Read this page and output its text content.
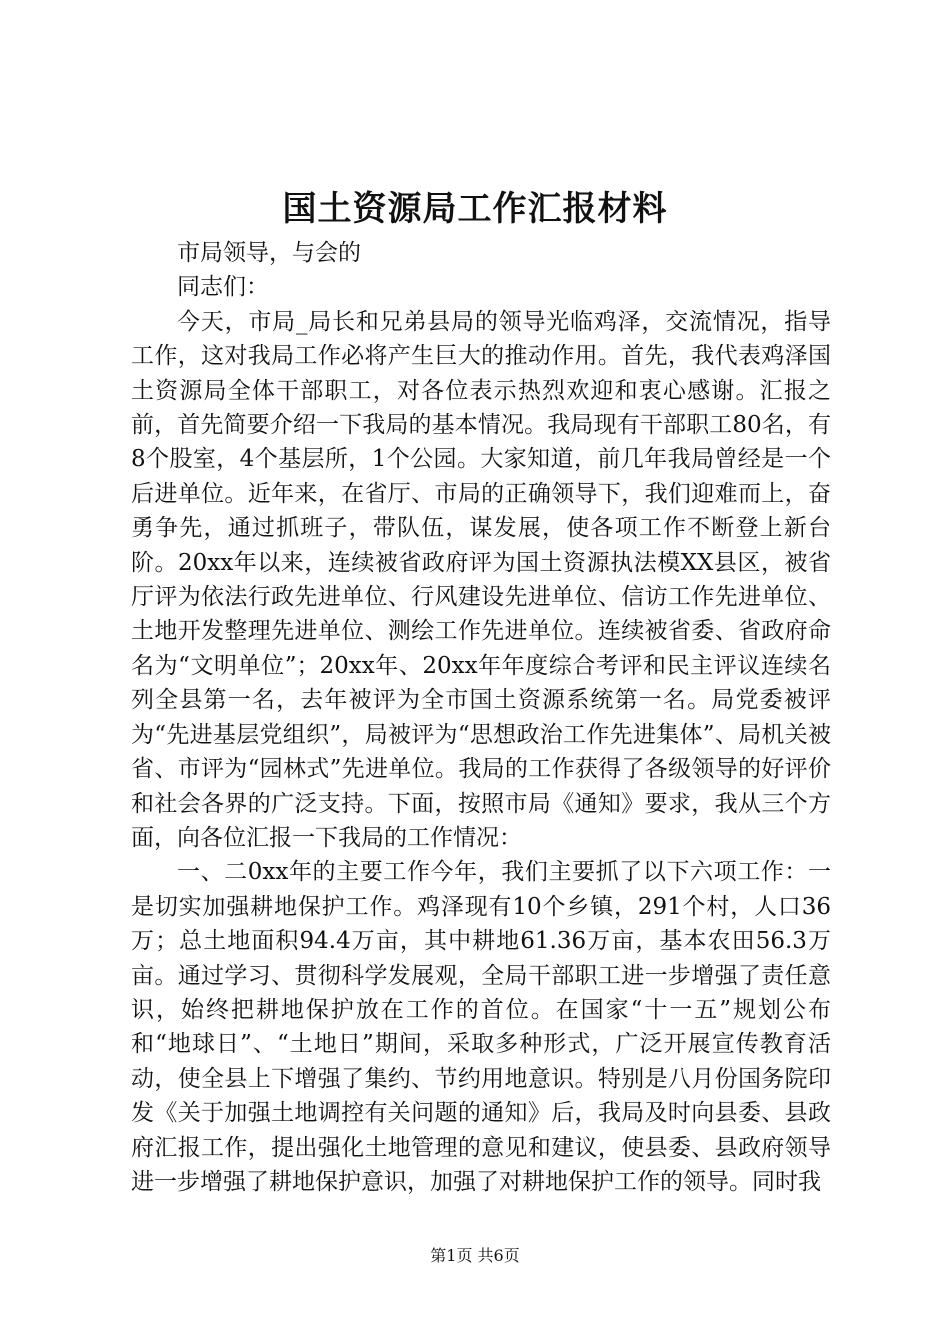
国土资源局工作汇报材料

市局领导，与会的

同志们：

今天，市局_局长和兄弟县局的领导光临鸡泽，交流情况，指导工作，这对我局工作必将产生巨大的推动作用。首先，我代表鸡泽国土资源局全体干部职工，对各位表示热烈欢迎和衷心感谢。汇报之前，首先简要介绍一下我局的基本情况。我局现有干部职工80名，有8个股室，4个基层所，1个公园。大家知道，前几年我局曾经是一个后进单位。近年来，在省厅、市局的正确领导下，我们迎难而上，奋勇争先，通过抓班子，带队伍，谋发展，使各项工作不断登上新台阶。20xx年以来，连续被省政府评为国土资源执法模XX县区，被省厅评为依法行政先进单位、行风建设先进单位、信访工作先进单位、土地开发整理先进单位、测绘工作先进单位。连续被省委、省政府命名为“文明单位”；20xx年、20xx年年度综合考评和民主评议连续名列全县第一名，去年被评为全市国土资源系统第一名。局党委被评为“先进基层党组织”，局被评为“思想政治工作先进集体”、局机关被省、市评为“园林式”先进单位。我局的工作获得了各级领导的好评价和社会各界的广泛支持。下面，按照市局《通知》要求，我从三个方面，向各位汇报一下我局的工作情况：

一、二0xx年的主要工作今年，我们主要抓了以下六项工作：一是切实加强耕地保护工作。鸡泽现有10个乡镇，291个村，人口36万；总土地面积94.4万亩，其中耕地61.36万亩，基本农田56.3万亩。通过学习、贯彻科学发展观，全局干部职工进一步增强了责任意识，始终把耕地保护放在工作的首位。在国家“十一五”规划公布和“地球日”、“土地日”期间，采取多种形式，广泛开展宣传教育活动，使全县上下增强了集约、节约用地意识。特别是八月份国务院印发《关于加强土地调控有关问题的通知》后，我局及时向县委、县政府汇报工作，提出强化土地管理的意见和建议，使县委、县政府领导进一步增强了耕地保护意识，加强了对耕地保护工作的领导。同时我

第1页 共6页
